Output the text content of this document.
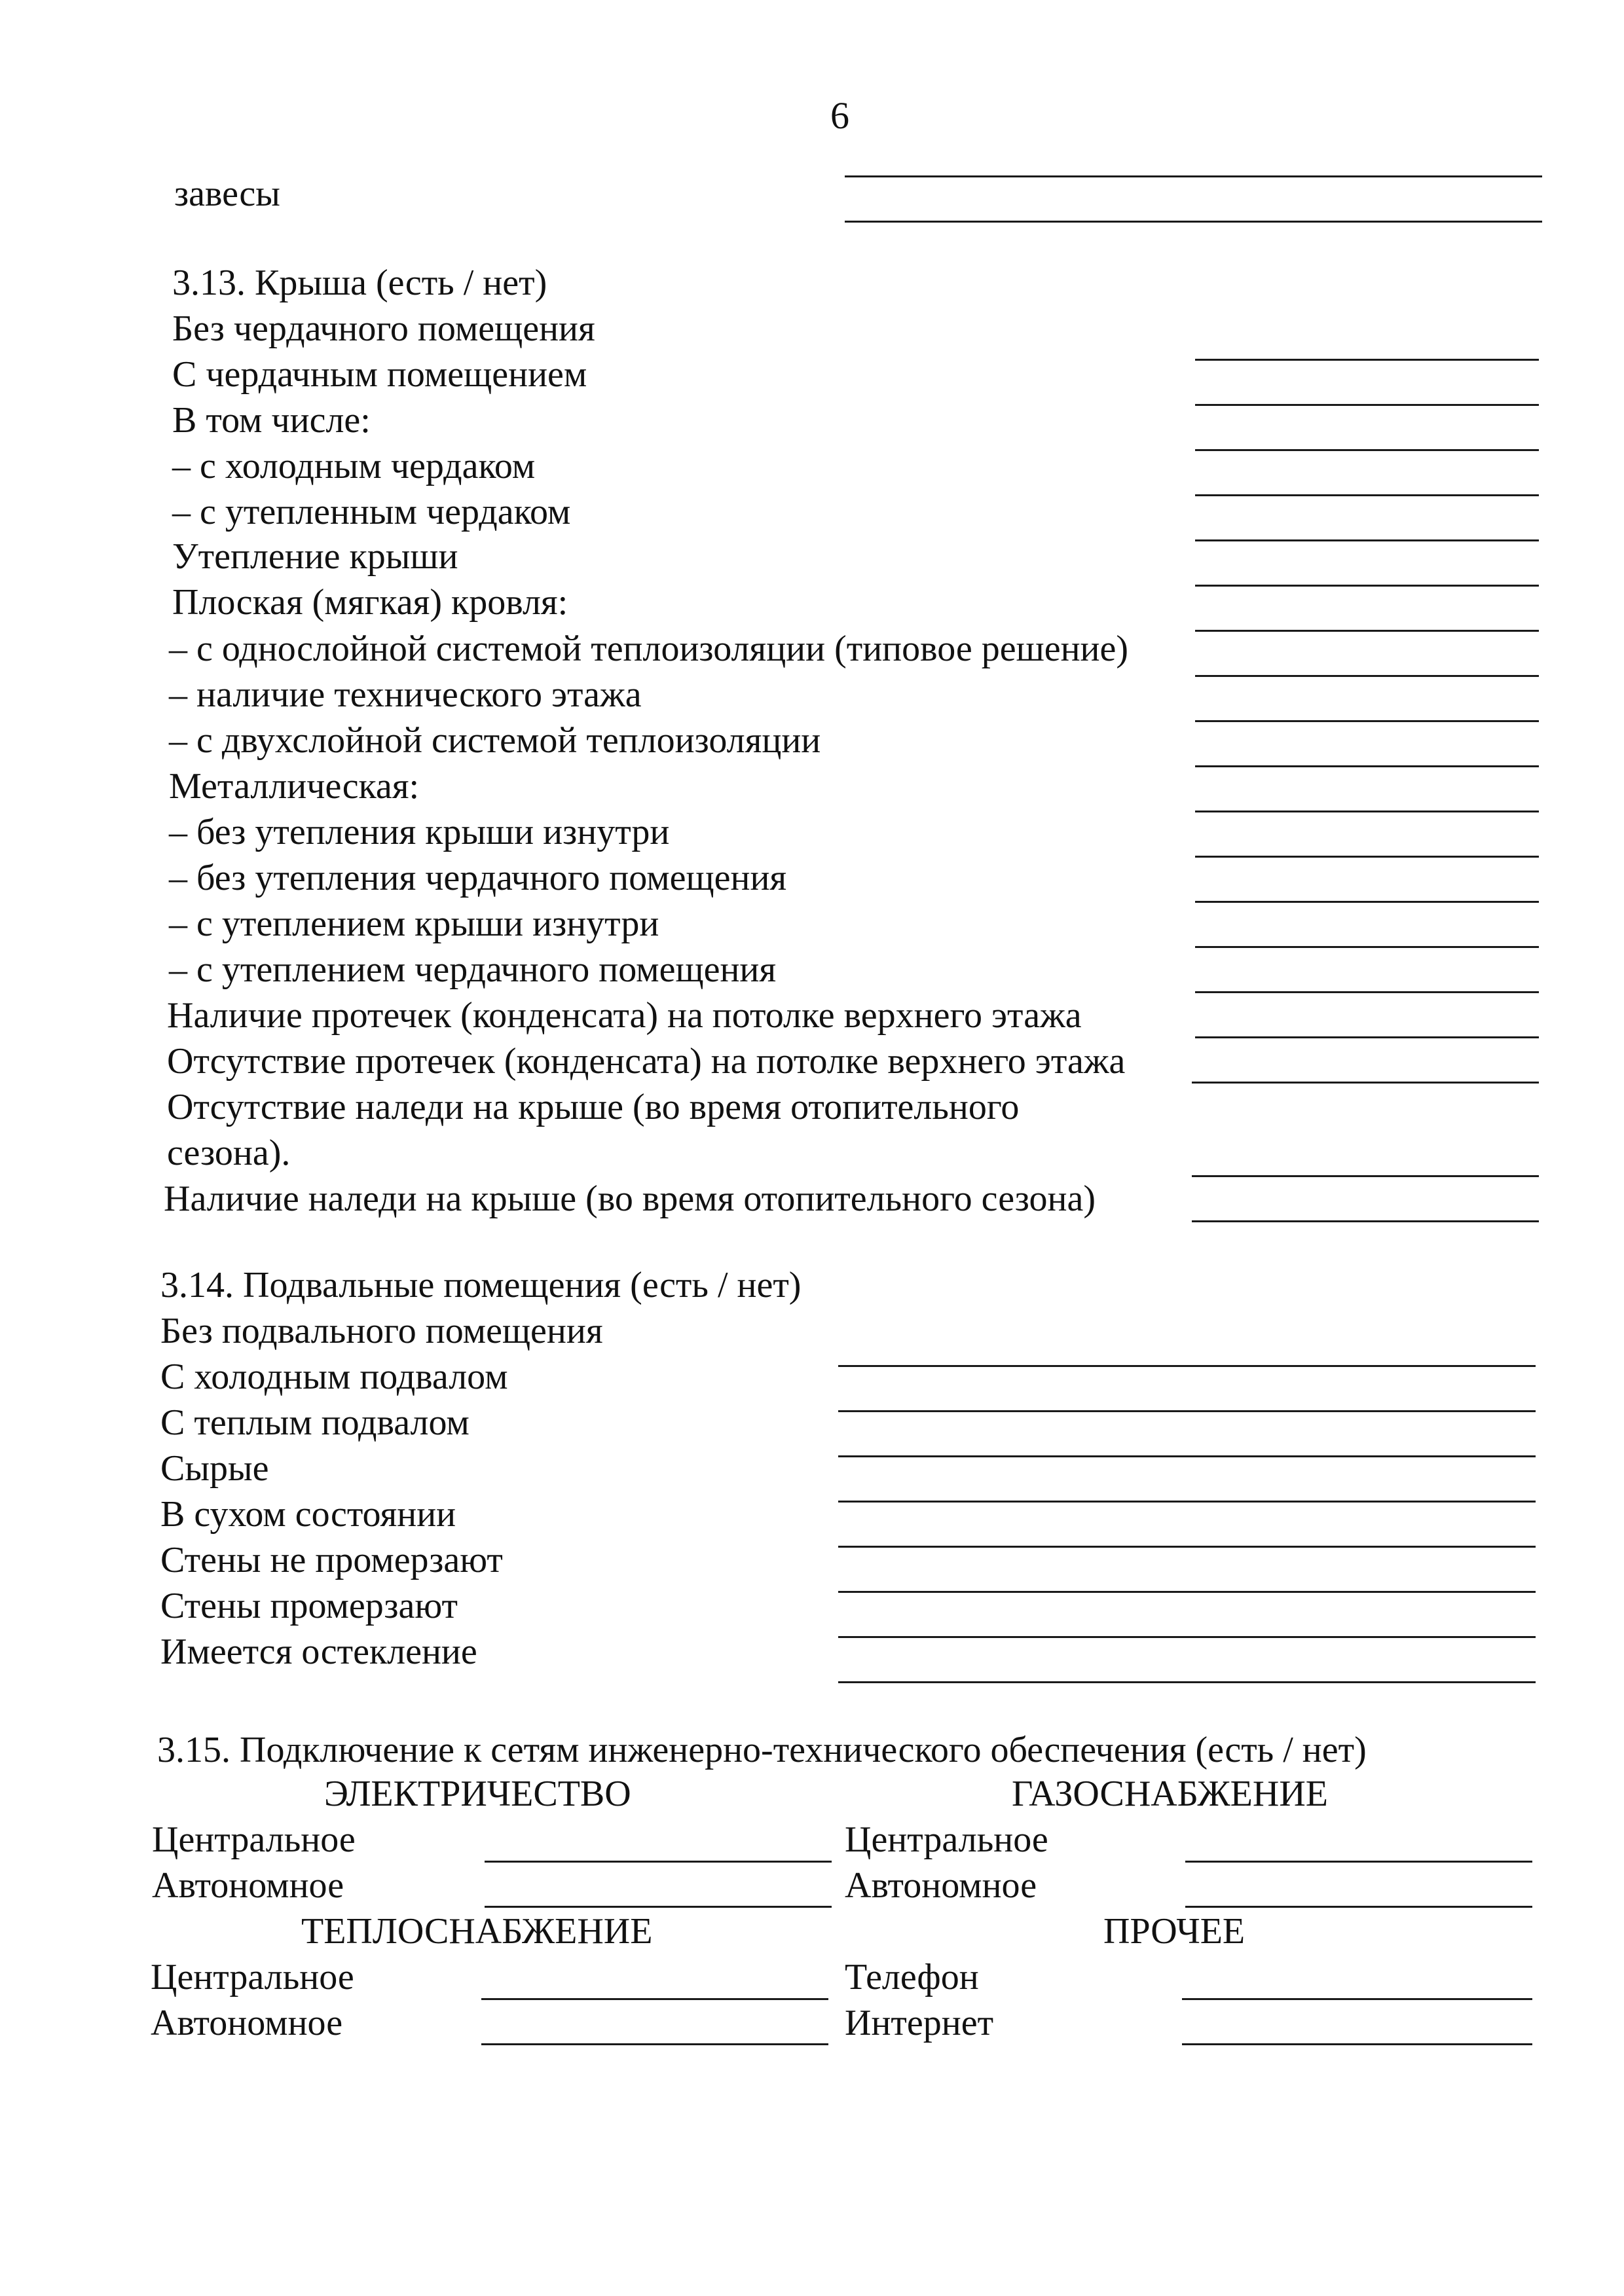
6
завесы
3.13. Крыша (есть / нет)
Без чердачного помещения
С чердачным помещением
В том числе:
– с холодным чердаком
– с утепленным чердаком
Утепление крыши
Плоская (мягкая) кровля:
– с однослойной системой теплоизоляции (типовое решение)
– наличие технического этажа
– с двухслойной системой теплоизоляции
Металлическая:
– без утепления крыши изнутри
– без утепления чердачного помещения
– с утеплением крыши изнутри
– с утеплением чердачного помещения
Наличие протечек (конденсата) на потолке верхнего этажа
Отсутствие протечек (конденсата) на потолке верхнего этажа
Отсутствие наледи на крыше (во время отопительного
сезона).
Наличие наледи на крыше (во время отопительного сезона)
3.14. Подвальные помещения (есть / нет)
Без подвального помещения
С холодным подвалом
С теплым подвалом
Сырые
В сухом состоянии
Стены не промерзают
Стены промерзают
Имеется остекление
3.15. Подключение к сетям инженерно-технического обеспечения (есть / нет)
ЭЛЕКТРИЧЕСТВО	ГАЗОСНАБЖЕНИЕ
Центральное
Автономное
Центральное
Автономное
ТЕПЛОСНАБЖЕНИЕ	ПРОЧЕЕ
Центральное
Автономное
Телефон
Интернет
